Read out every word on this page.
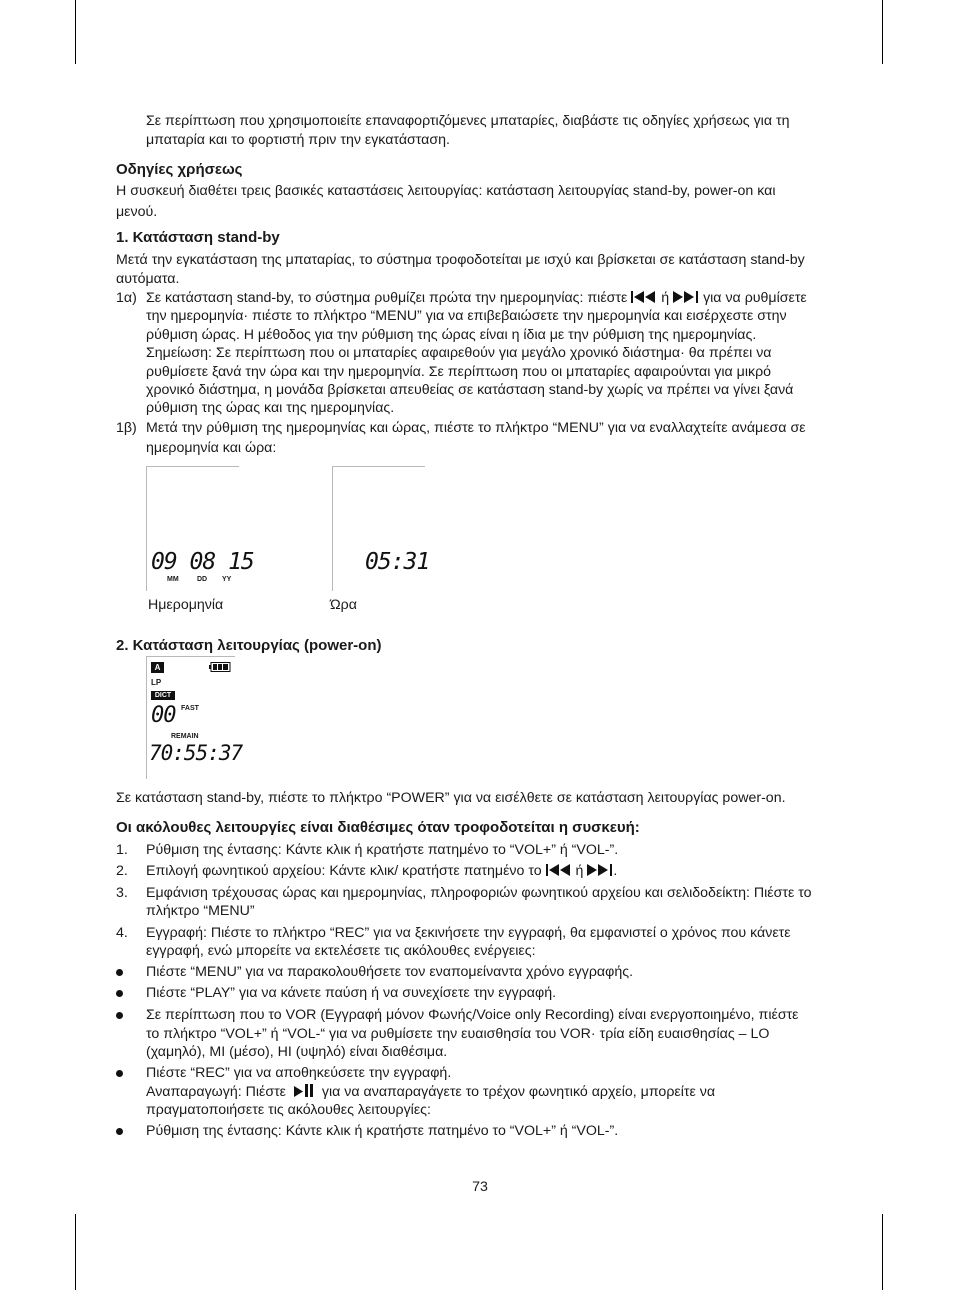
Σε περίπτωση που χρησιμοποιείτε επαναφορτιζόμενες μπαταρίες, διαβάστε τις οδηγίες χρήσεως για τη
μπαταρία και το φορτιστή πριν την εγκατάσταση.
Οδηγίες χρήσεως
Η συσκευή διαθέτει τρεις βασικές καταστάσεις λειτουργίας: κατάσταση λειτουργίας stand-by, power-on και
μενού.
1. Κατάσταση stand-by
Μετά την εγκατάσταση της μπαταρίας, το σύστημα τροφοδοτείται με ισχύ και βρίσκεται σε κατάσταση stand-by
αυτόματα.
1α) Σε κατάσταση stand-by, το σύστημα ρυθμίζει πρώτα την ημερομηνίας: πιέστε ή για να ρυθμίσετε
την ημερομηνία· πιέστε το πλήκτρο “MENU” για να επιβεβαιώσετε την ημερομηνία και εισέρχεστε στην
ρύθμιση ώρας. Η μέθοδος για την ρύθμιση της ώρας είναι η ίδια με την ρύθμιση της ημερομηνίας.
Σημείωση: Σε περίπτωση που οι μπαταρίες αφαιρεθούν για μεγάλο χρονικό διάστημα· θα πρέπει να
ρυθμίσετε ξανά την ώρα και την ημερομηνία. Σε περίπτωση που οι μπαταρίες αφαιρούνται για μικρό
χρονικό διάστημα, η μονάδα βρίσκεται απευθείας σε κατάσταση stand-by χωρίς να πρέπει να γίνει ξανά
ρύθμιση της ώρας και της ημερομηνίας.
1β) Μετά την ρύθμιση της ημερομηνίας και ώρας, πιέστε το πλήκτρο “MENU” για να εναλλαχτείτε ανάμεσα σε
ημερομηνία και ώρα:
09 08 15
MM	DD YY
Ημερομηνία
05:31
Ώρα
2. Κατάσταση λειτουργίας (power-on)
A
LP
DICT
00 FAST
REMAIN
70:55:37
Σε κατάσταση stand-by, πιέστε το πλήκτρο “POWER” για να εισέλθετε σε κατάσταση λειτουργίας power-on.
Οι ακόλουθες λειτουργίες είναι διαθέσιμες όταν τροφοδοτείται η συσκευή:
1. Ρύθμιση της έντασης: Κάντε κλικ ή κρατήστε πατημένο το “VOL+” ή “VOL-”.
2. Επιλογή φωνητικού αρχείου: Κάντε κλικ/ κρατήστε πατημένο το ή .
3. Εμφάνιση τρέχουσας ώρας και ημερομηνίας, πληροφοριών φωνητικού αρχείου και σελιδοδείκτη: Πιέστε το
πλήκτρο “MENU”
4. Εγγραφή: Πιέστε το πλήκτρο “REC” για να ξεκινήσετε την εγγραφή, θα εμφανιστεί ο χρόνος που κάνετε
εγγραφή, ενώ μπορείτε να εκτελέσετε τις ακόλουθες ενέργειες:
Πιέστε “MENU” για να παρακολουθήσετε τον εναπομείναντα χρόνο εγγραφής.
Πιέστε “PLAY” για να κάνετε παύση ή να συνεχίσετε την εγγραφή.
Σε περίπτωση που το VOR (Εγγραφή μόνον Φωνής/Voice only Recording) είναι ενεργοποιημένο, πιέστε
το πλήκτρο “VOL+” ή “VOL-“ για να ρυθμίσετε την ευαισθησία του VOR· τρία είδη ευαισθησίας – LO
(χαμηλό), MI (μέσο), HI (υψηλό) είναι διαθέσιμα.
Πιέστε “REC” για να αποθηκεύσετε την εγγραφή.
Αναπαραγωγή: Πιέστε	για να αναπαραγάγετε το τρέχον φωνητικό αρχείο, μπορείτε να
πραγματοποιήσετε τις ακόλουθες λειτουργίες:
Ρύθμιση της έντασης: Κάντε κλικ ή κρατήστε πατημένο το “VOL+” ή “VOL-”.
73
